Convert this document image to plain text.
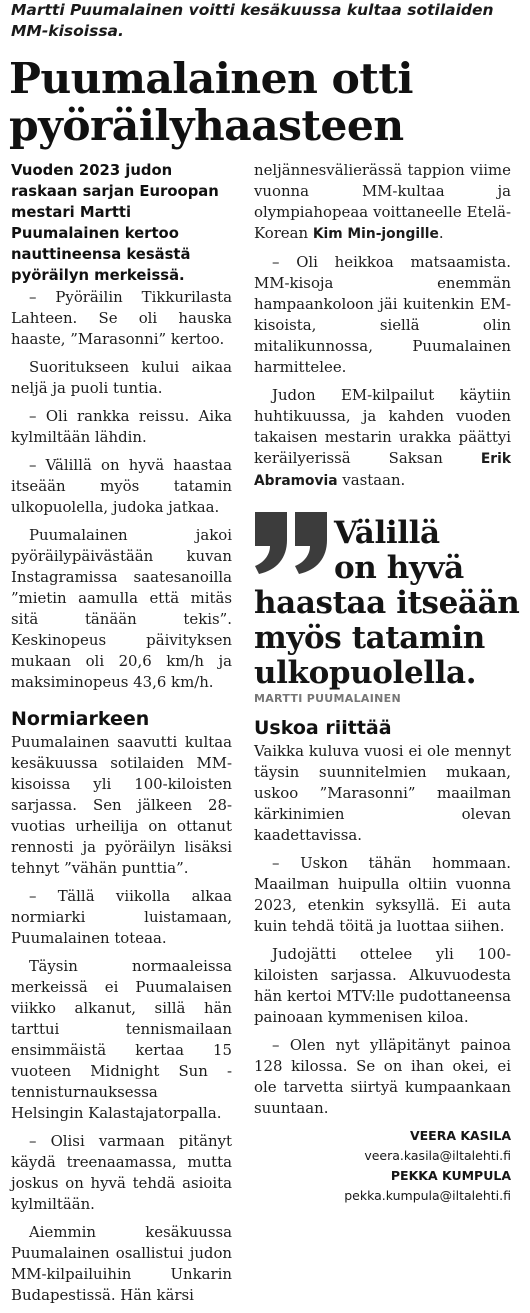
Martti Puumalainen voitti kesäkuussa kultaa sotilaiden MM-kisoissa.
Puumalainen otti pyöräilyhaasteen
Vuoden 2023 judon raskaan sarjan Euroopan mestari Martti Puumalainen kertoo nauttineensa kesästä pyöräilyn merkeissä.

– Pyöräilin Tikkurilasta Lahteen. Se oli hauska haaste, ”Marasonni” kertoo.

Suoritukseen kului aikaa neljä ja puoli tuntia.

– Oli rankka reissu. Aika kylmiltään lähdin.

– Välillä on hyvä haastaa itseään myös tatamin ulkopuolella, judoka jatkaa.

Puumalainen jakoi pyöräilypäivästään kuvan Instagramissa saatesanoilla ”mietin aamulla että mitäs sitä tänään tekis”. Keskinopeus päivityksen mukaan oli 20,6 km/h ja maksiminopeus 43,6 km/h.

Normiarkeen

Puumalainen saavutti kultaa kesäkuussa sotilaiden MM-kisoissa yli 100-kiloisten sarjassa. Sen jälkeen 28-vuotias urheilija on ottanut rennosti ja pyöräilyn lisäksi tehnyt ”vähän punttia”.

– Tällä viikolla alkaa normiarki luistamaan, Puumalainen toteaa.

Täysin normaaleissa merkeissä ei Puumalaisen viikko alkanut, sillä hän tarttui tennismailaan ensimmäistä kertaa 15 vuoteen Midnight Sun -tennisturnauksessa Helsingin Kalastajatorpalla.

– Olisi varmaan pitänyt käydä treenaamassa, mutta joskus on hyvä tehdä asioita kylmiltään.

Aiemmin kesäkuussa Puumalainen osallistui judon MM-kilpailuihin Unkarin Budapestissä. Hän kärsi

neljännesvälierässä tappion viime vuonna MM-kultaa ja olympiahopeaa voittaneelle Etelä-Korean Kim Min-jongille.

– Oli heikkoa matsaamista. MM-kisoja enemmän hampaankoloon jäi kuitenkin EM-kisoista, siellä olin mitalikunnossa, Puumalainen harmittelee.

Judon EM-kilpailut käytiin huhtikuussa, ja kahden vuoden takaisen mestarin urakka päättyi keräilyerissä Saksan	Erik Abramovia vastaan.

Välillä
on hyvä
haastaa itseään
myös tatamin
ulkopuolella.
MARTTI PUUMALAINEN
Uskoa riittää

Vaikka kuluva vuosi ei ole mennyt täysin suunnitelmien mukaan, uskoo ”Marasonni” maailman kärkinimien olevan kaadettavissa.

– Uskon tähän hommaan. Maailman huipulla oltiin vuonna 2023, etenkin syksyllä. Ei auta kuin tehdä töitä ja luottaa siihen.

Judojätti ottelee yli 100-kiloisten sarjassa. Alkuvuodesta hän kertoi MTV:lle pudottaneensa painoaan kymmenisen kiloa.

– Olen nyt ylläpitänyt painoa 128 kilossa. Se on ihan okei, ei ole tarvetta siirtyä kumpaankaan suuntaan.

VEERA KASILA
veera.kasila@iltalehti.fi
PEKKA KUMPULA
pekka.kumpula@iltalehti.fi
